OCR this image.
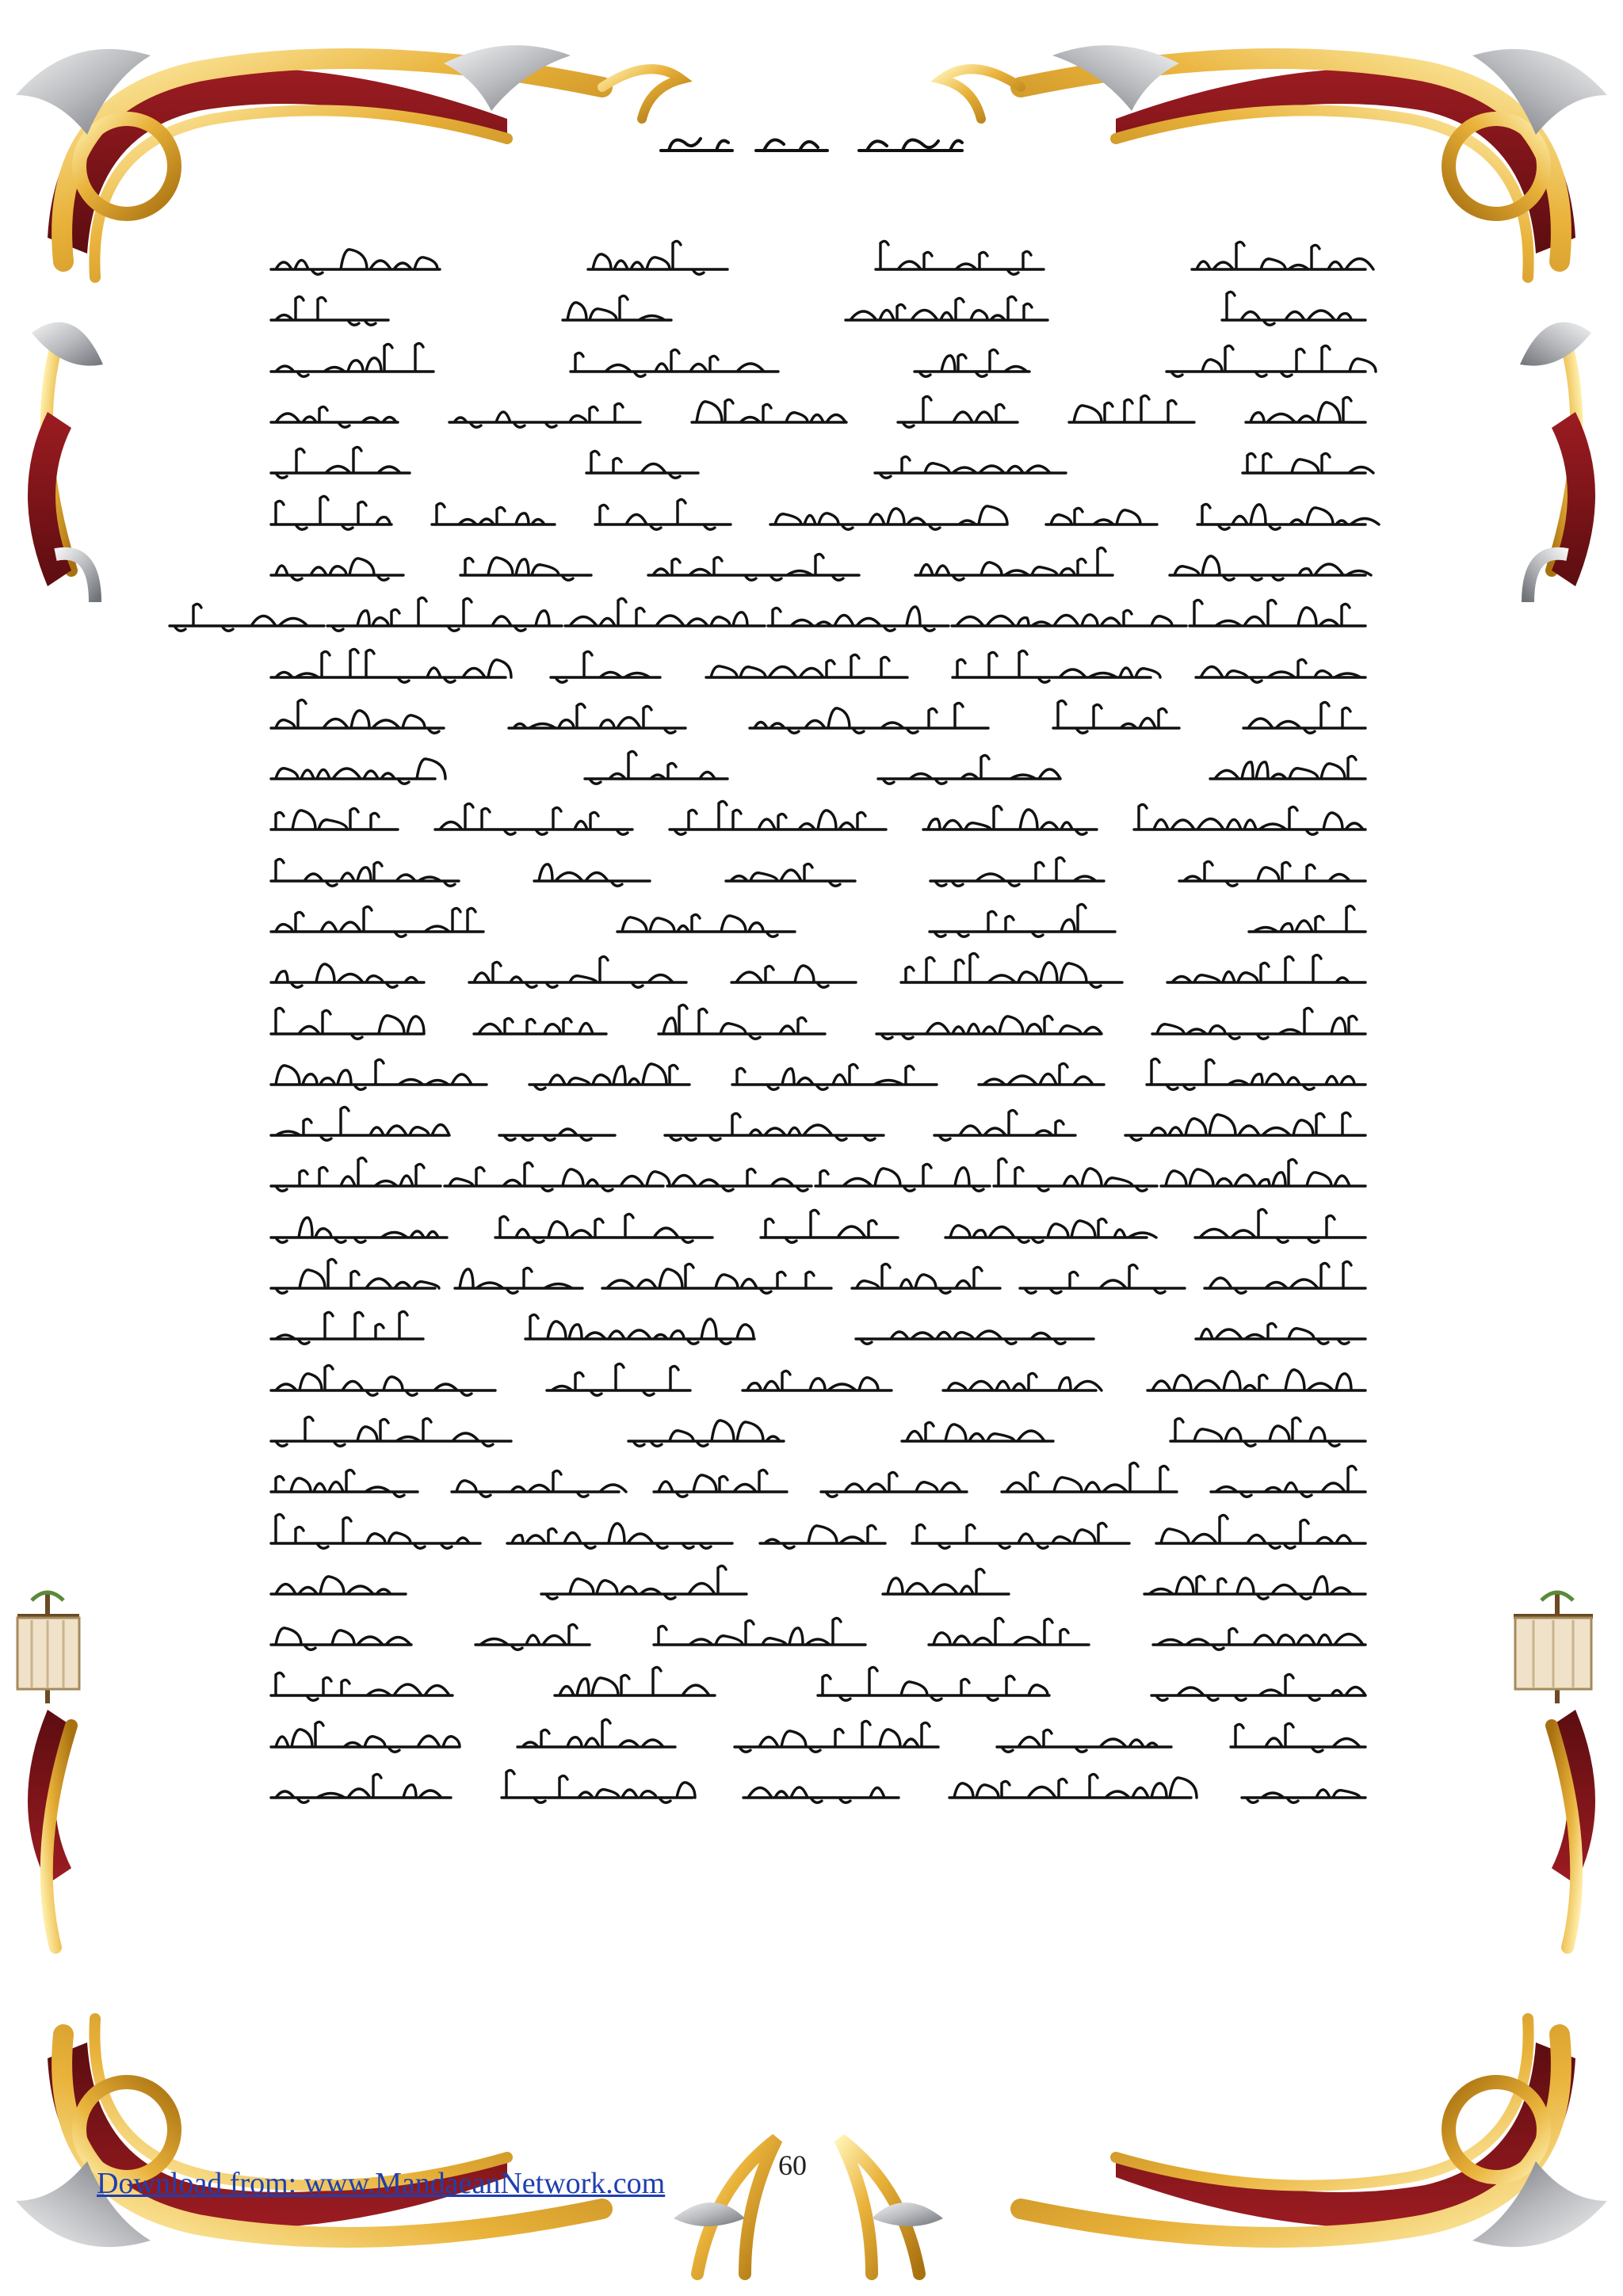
60
Download from: www.MandaeanNetwork.com
